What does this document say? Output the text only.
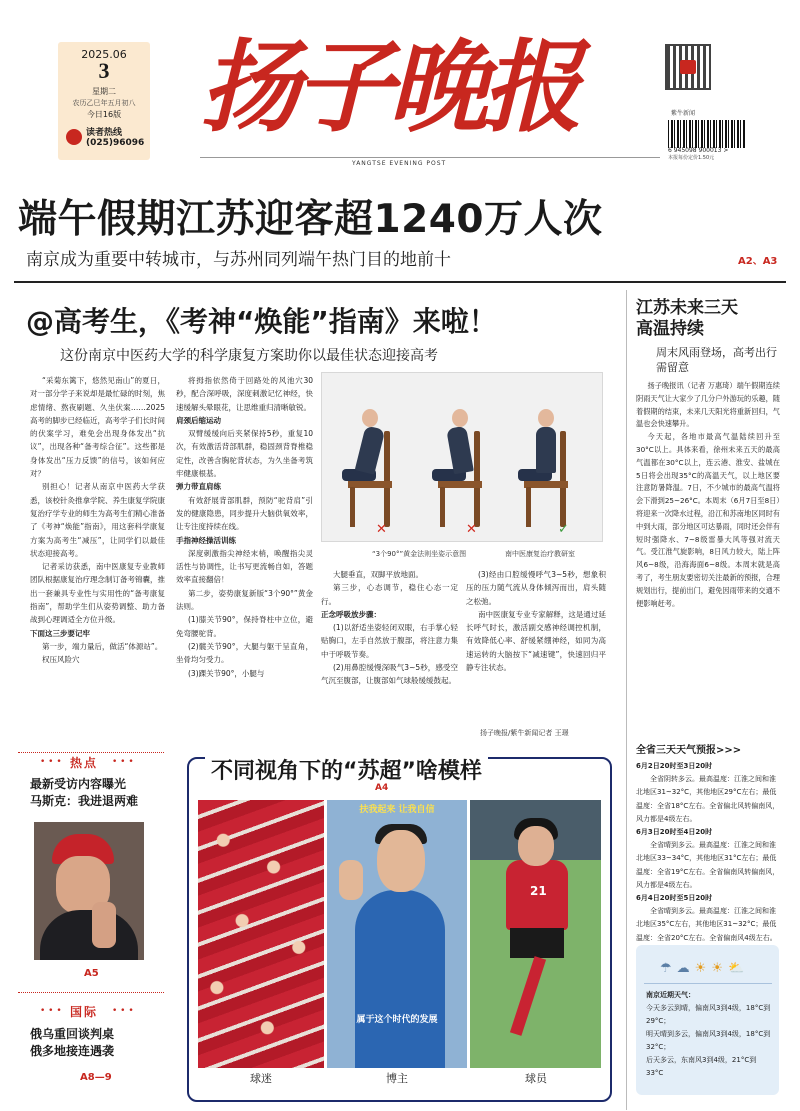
2025.06
3
星期二
农历乙巳年五月初八
今日16版
读者热线
(025)96096 扬子晚报
YANGTSE EVENING POST
紫牛新闻
6 945098 900013 >
本报每份定价1.50元
端午假期江苏迎客超1240万人次
南京成为重要中转城市，与苏州同列端午热门目的地前十	A2、A3
@高考生，《考神“焕能”指南》来啦！
这份南京中医药大学的科学康复方案助你以最佳状态迎接高考

“采菊东篱下，悠然见南山”的夏日，对一部分学子来说却是最忙碌的时刻，焦虑情绪、熬夜刷题、久坐伏案……2025高考的脚步已经临近，高考学子们长时间的伏案学习，难免会出现身体发出“抗议”，出现各种“备考综合征”。这些都是身体发出“压力反馈”的信号，该如何应对？

别担心！记者从南京中医药大学获悉，该校针灸推拿学院、养生康复学院康复治疗学专业的师生为高考生们精心准备了《考神“焕能”指南》，用这套科学康复方案为高考生“减压”，让同学们以最佳状态迎接高考。

记者采访获悉，南中医康复专业教师团队根据康复治疗理念制订备考锦囊，推出一套兼具专业性与实用性的“备考康复指南”，帮助学生们从姿势调整、助力备战到心理调适全方位升级。

下面这三步要记牢

第一步，端力量后，做活“体源站”。

权压风险穴

将拇指依然倚于回路处的风池穴30秒，配合深呼吸，深度刺激记忆神经，快速缓解头晕眼花，让思维重归清晰敏锐。

肩颈后缩运动

双臂缓缓向后夹紧保持5秒，重复10次，有效激活背部肌群，稳固颈背脊椎稳定性，改善含胸驼背状态，为久坐备考筑牢健康根基。

弹力带直肩练

有效舒展背部肌群，预防“驼背肩”引发的健康隐患，同步提升大脑供氧效率，让专注度持续在线。

手指神经操活训练

深度刺激指尖神经末梢，唤醒指尖灵活性与协调性，让书写更流畅自如，答题效率直接翻倍！

第二步，姿势康复新版“3个90°”黄金法则。

(1)膝关节90°，保持脊柱中立位，避免弯腰驼背。

(2)髋关节90°，大腿与躯干呈直角，坐骨均匀受力。

(3)踝关节90°，小腿与

大腿垂直，双脚平放地面。

第三步，心态调节，稳住心态一定行。

正念呼吸放步骤：

(1)以舒适坐姿轻闭双眼，右手掌心轻贴胸口，左手自然放于腹部，将注意力集中于呼吸节奏。

(2)用鼻腔缓慢深吸气3~5秒，感受空气沉至腹部，让腹部如气球般缓缓鼓起。

(3)经由口腔缓慢呼气3~5秒，想象积压的压力随气流从身体倾泻而出，肩头随之松弛。

南中医康复专业专家解释，这是通过延长呼气时长，激活副交感神经调控机制，有效降低心率、舒缓紧绷神经，如同为高速运转的大脑按下“减速键”，快速回归平静专注状态。

✕	✕	✓
“3个90°”黄金法则坐姿示意图	南中医康复治疗教研室
扬子晚报/紫牛新闻记者 王璟
江苏未来三天
高温持续
周末风雨登场，高考出行需留意

扬子晚报讯（记者 万惠琦）端午假期连续阴雨天气让大家少了几分户外游玩的乐趣，随着假期的结束，未来几天阳光将重新回归，气温也会快速攀升。

今天起，各地市最高气温陆续回升至30°C以上。具体来看，徐州未来五天的最高气温都在30°C以上，连云港、淮安、盐城在5日将会出现35°C的高温天气，以上地区要注意防暑降温。7日，不少城市的最高气温将会下滑到25~26°C。本周末（6月7日至8日）将迎来一次降水过程，沿江和苏南地区同时有中到大雨，部分地区可达暴雨，同时还会伴有短时强降水、7~8级雷暴大风等强对流天气。受江淮气旋影响，8日风力较大，陆上阵风6~8级，沿海海面6~8级。本周末就是高考了，考生朋友要密切关注最新的预报，合理规划出行，提前出门，避免因雨带来的交通不便影响赶考。

全省三天天气预报>>>
6月2日20时至3日20时
全省阴转多云。最高温度：江淮之间和淮北地区31~32°C，其他地区29°C左右；最低温度：全省18°C左右。全省偏北风转偏南风，风力都是4级左右。
6月3日20时至4日20时
全省晴到多云。最高温度：江淮之间和淮北地区33~34°C，其他地区31°C左右；最低温度：全省19°C左右。全省偏南风转偏南风，风力都是4级左右。
6月4日20时至5日20时
全省晴到多云。最高温度：江淮之间和淮北地区35°C左右，其他地区31~32°C；最低温度：全省20°C左右。全省偏南风4级左右。
☂☁☀☀⛅
南京近期天气：
今天多云到晴，偏南风3到4级，18°C到29°C；
明天晴到多云，偏南风3到4级，18°C到32°C；
后天多云，东南风3到4级，21°C到33°C
• • • 热点 • • •
最新受访内容曝光
马斯克：我进退两难
A5
• • • 国际 • • •
俄乌重回谈判桌
俄多地接连遇袭
A8—9
不同视角下的“苏超”啥模样
A4
扶我起来 让我自信
属于这个时代的发展
21
球迷	博主	球员
